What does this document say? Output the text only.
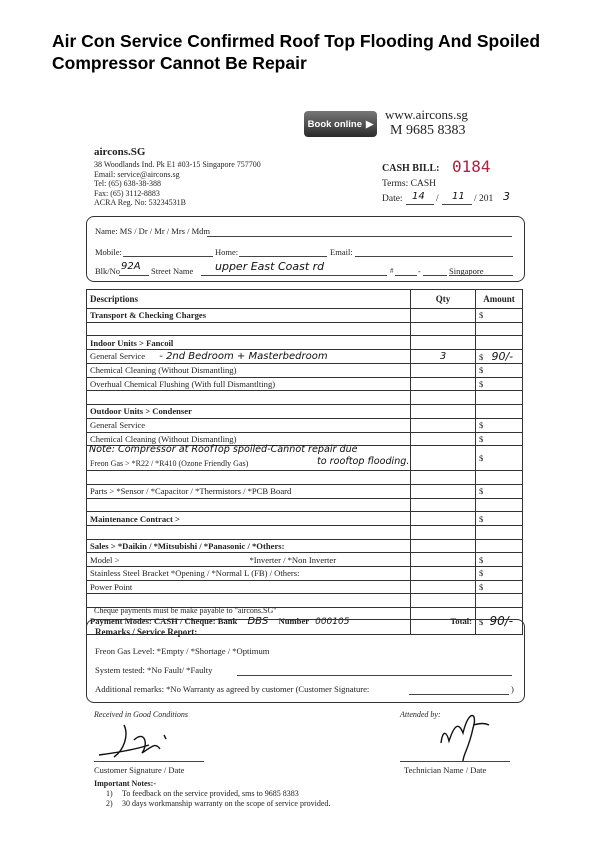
Air Con Service Confirmed Roof Top Flooding And Spoiled Compressor Cannot Be Repair
Book online ▶
www.aircons.sg
M 9685 8383
aircons.SG
38 Woodlands Ind. Pk E1 #03-15 Singapore 757700
Email: service@aircons.sg
Tel: (65) 638-38-388
Fax: (65) 3112-8883
ACRA Reg. No: 53234531B
CASH BILL: 0184
Terms: CASH
Date: 14 / 11 / 201 3
Name: MS / Dr / Mr / Mrs / Mdm
Mobile:	Home:	Email:
Blk/No 92A Street Name upper East Coast rd	#	-	Singapore
Descriptions	Qty	Amount
Transport & Checking Charges		$

Indoor Units > Fancoil		
General Service - 2nd Bedroom + Masterbedroom	3	$ 90/-
Chemical Cleaning (Without Dismantling)		$
Overhual Chemical Flushing (With full Dismantlting)		$

Outdoor Units > Condenser		
General Service		$
Chemical Cleaning (Without Dismantling)		$

Note: Compressor at RoofTop spoiled-Cannot repair due
Freon Gas > *R22 / *R410 (Ozone Friendly Gas) to rooftop flooding.		$

Parts > *Sensor / *Capacitor / *Thermistors / *PCB Board		$

Maintenance Contract >		$

Sales > *Daikin / *Mitsubishi / *Panasonic / *Others:		
Model > *Inverter / *Non Inverter		$
Stainless Steel Bracket *Opening / *Normal L (FB) / Others:		$
Power Point		$

Payment Modes: CASH / Cheque: Bank DBS Number 000105	Total:	$ 90/-
Cheque payments must be make payable to "aircons.SG"
Remarks / Service Report:
Freon Gas Level: *Empty / *Shortage / *Optimum
System tested: *No Fault/ *Faulty
Additional remarks: *No Warranty as agreed by customer (Customer Signature:	)
Received in Good Conditions	Attended by:
Customer Signature / Date	Technician Name / Date
Important Notes:-
1) To feedback on the service provided, sms to 9685 8383
2) 30 days workmanship warranty on the scope of service provided.
